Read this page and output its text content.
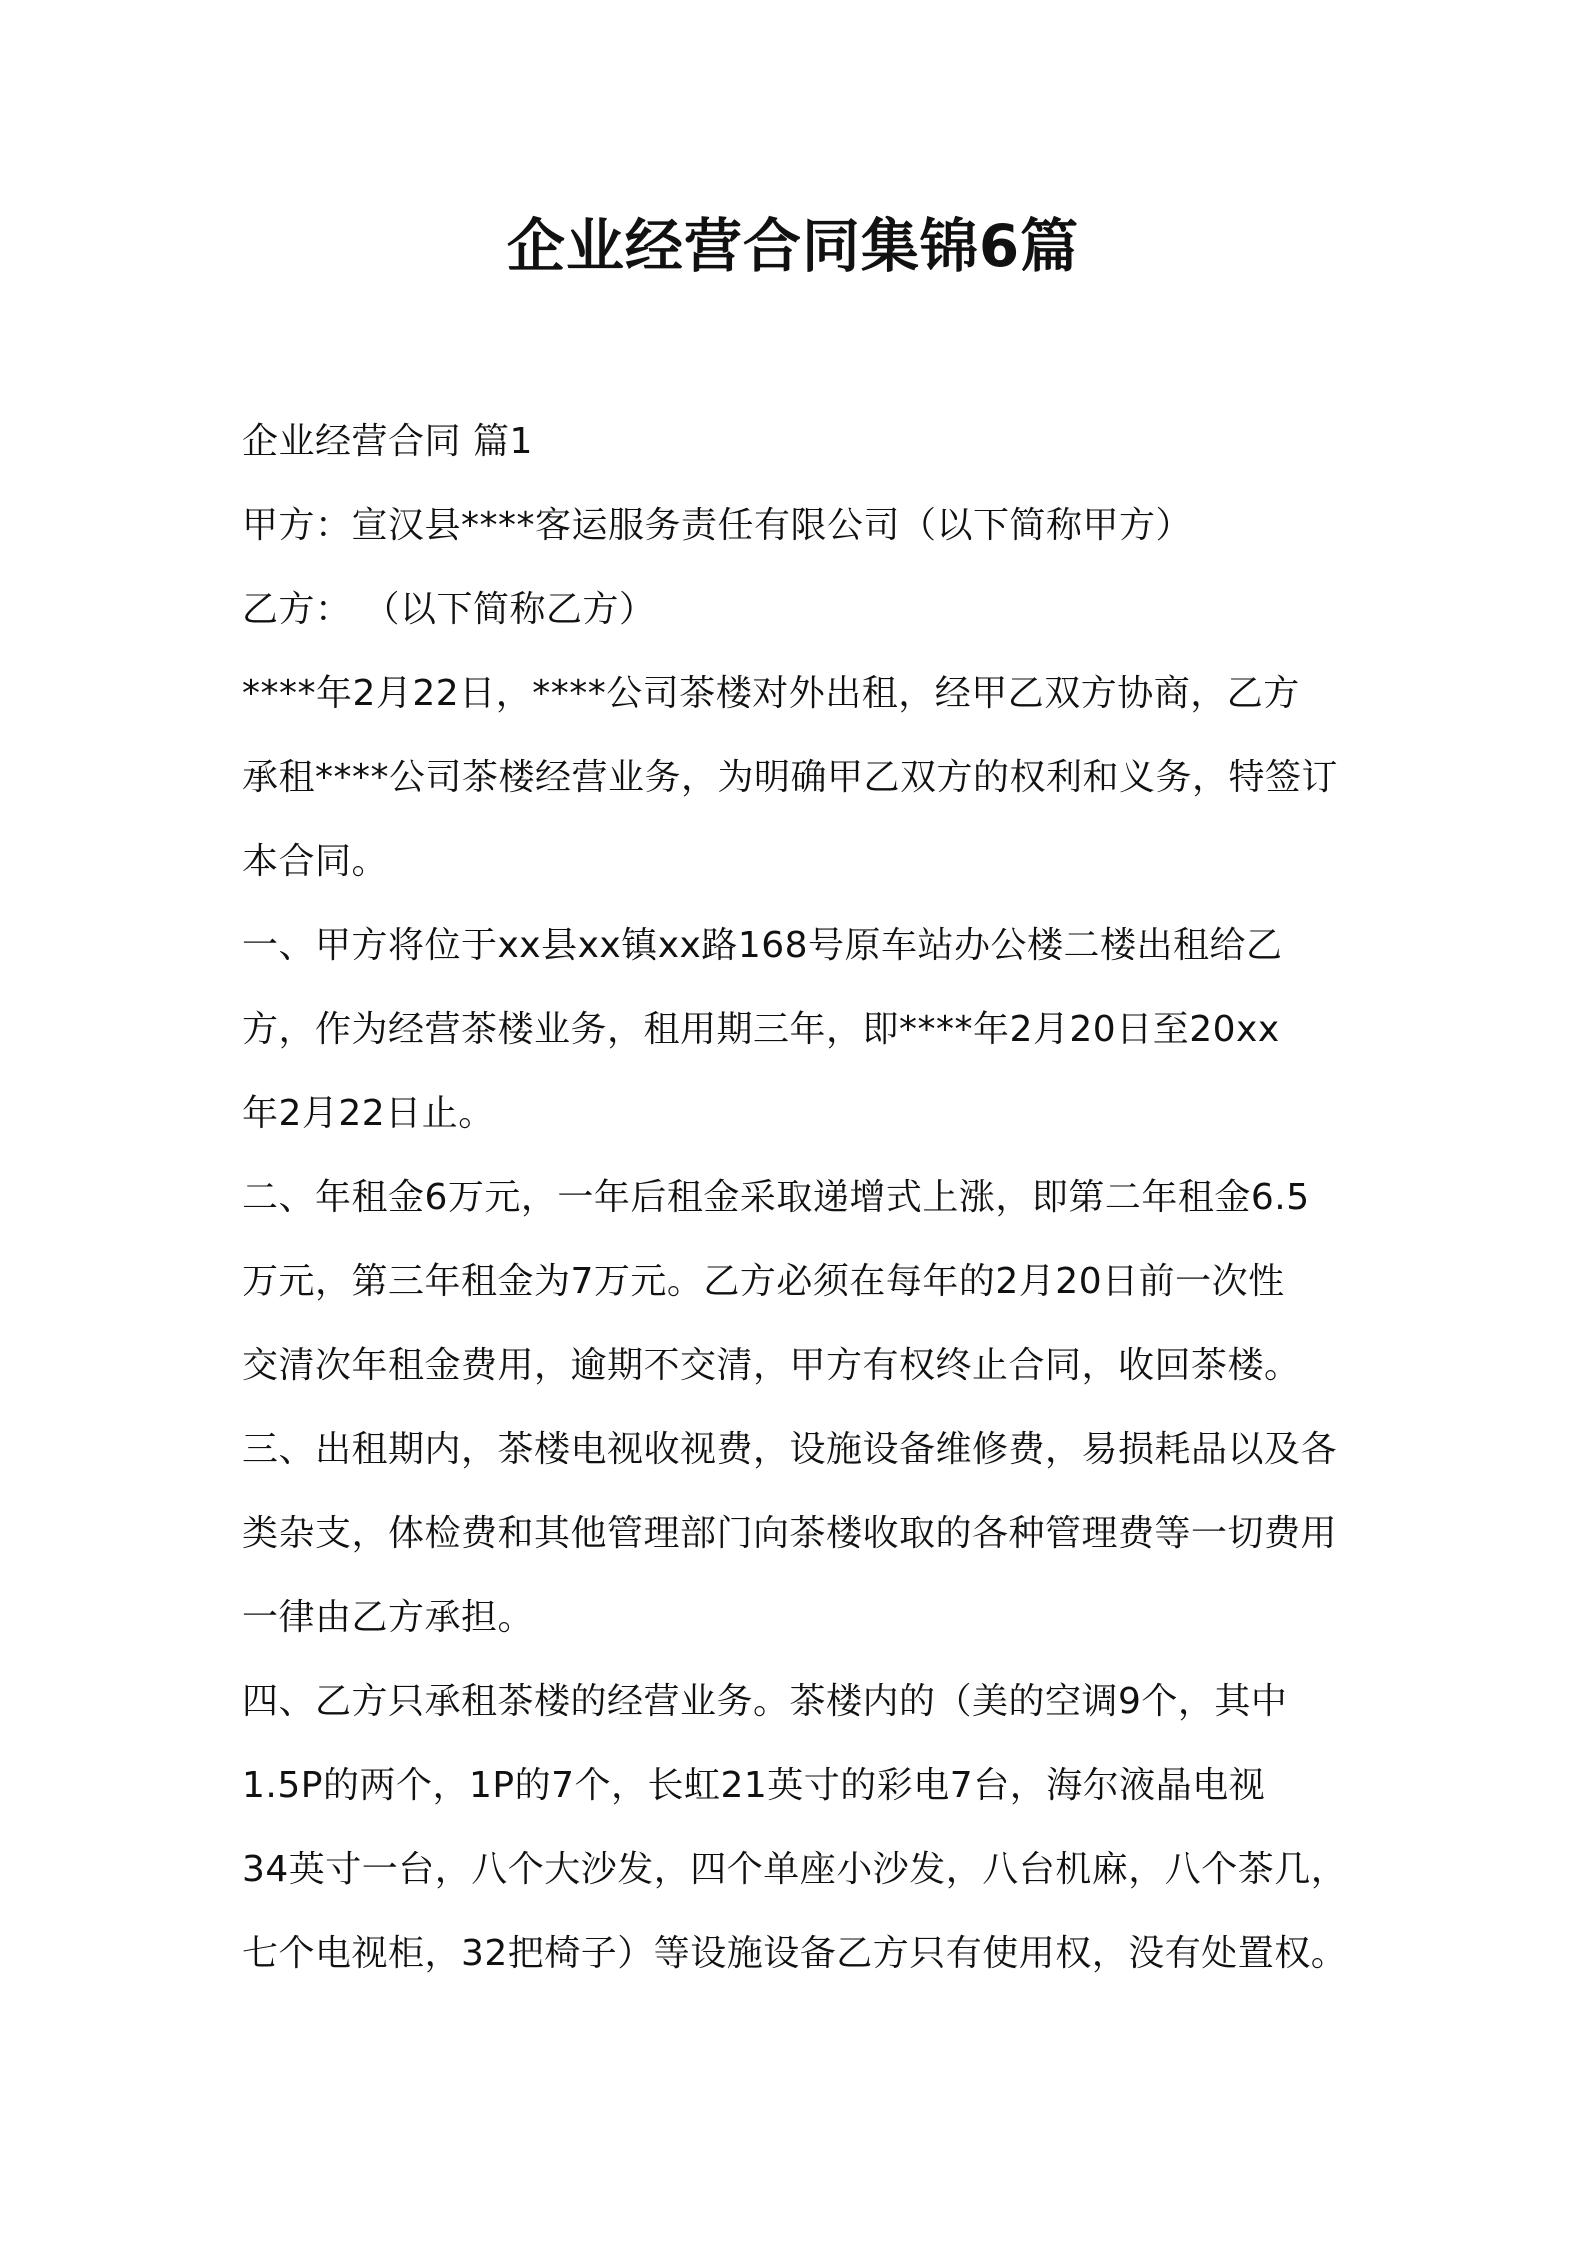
企业经营合同集锦6篇

企业经营合同 篇1

甲方：宣汉县****客运服务责任有限公司（以下简称甲方）

乙方： （以下简称乙方）

****年2月22日，****公司茶楼对外出租，经甲乙双方协商，乙方

承租****公司茶楼经营业务，为明确甲乙双方的权利和义务，特签订

本合同。

一、甲方将位于xx县xx镇xx路168号原车站办公楼二楼出租给乙

方，作为经营茶楼业务，租用期三年，即****年2月20日至20xx

年2月22日止。

二、年租金6万元，一年后租金采取递增式上涨，即第二年租金6.5

万元，第三年租金为7万元。乙方必须在每年的2月20日前一次性

交清次年租金费用，逾期不交清，甲方有权终止合同，收回茶楼。

三、出租期内，茶楼电视收视费，设施设备维修费，易损耗品以及各

类杂支，体检费和其他管理部门向茶楼收取的各种管理费等一切费用

一律由乙方承担。

四、乙方只承租茶楼的经营业务。茶楼内的（美的空调9个，其中

1.5P的两个，1P的7个，长虹21英寸的彩电7台，海尔液晶电视

34英寸一台，八个大沙发，四个单座小沙发，八台机麻，八个茶几，

七个电视柜，32把椅子）等设施设备乙方只有使用权，没有处置权。
